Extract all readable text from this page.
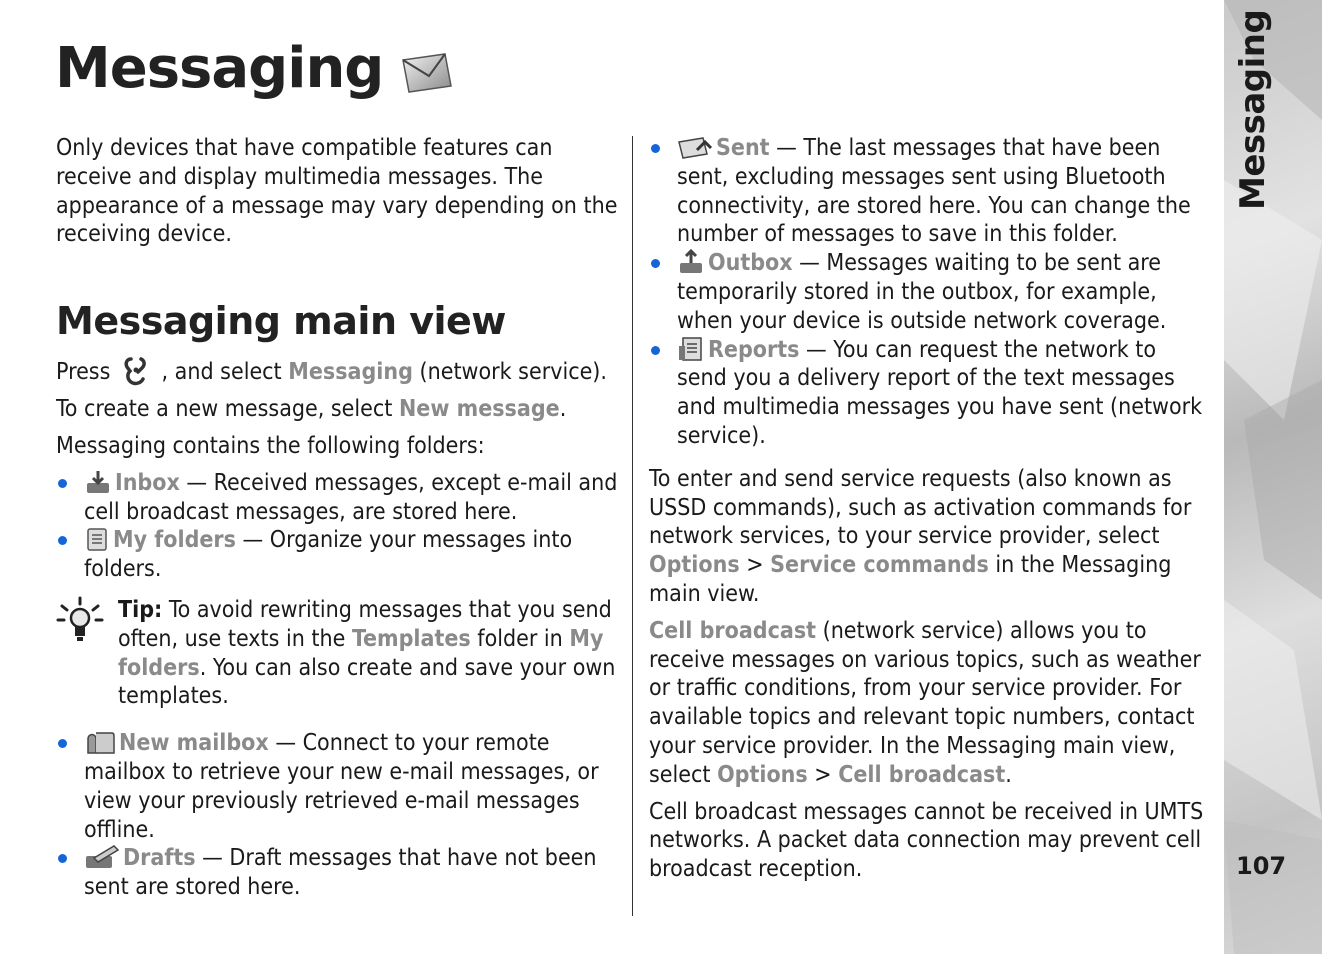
Messaging

Only devices that have compatible features can receive and display multimedia messages. The appearance of a message may vary depending on the receiving device.

Messaging main view

Press , and select Messaging (network service).

To create a new message, select New message.

Messaging contains the following folders:

Inbox — Received messages, except e-mail and cell broadcast messages, are stored here.
My folders — Organize your messages into folders.
Tip: To avoid rewriting messages that you send often, use texts in the Templates folder in My folders. You can also create and save your own templates.
New mailbox — Connect to your remote mailbox to retrieve your new e-mail messages, or view your previously retrieved e-mail messages offline.
Drafts — Draft messages that have not been sent are stored here.
Sent — The last messages that have been sent, excluding messages sent using Bluetooth connectivity, are stored here. You can change the number of messages to save in this folder.
Outbox — Messages waiting to be sent are temporarily stored in the outbox, for example, when your device is outside network coverage.
Reports — You can request the network to send you a delivery report of the text messages and multimedia messages you have sent (network service).

To enter and send service requests (also known as USSD commands), such as activation commands for network services, to your service provider, select Options > Service commands in the Messaging main view.

Cell broadcast (network service) allows you to receive messages on various topics, such as weather or traffic conditions, from your service provider. For available topics and relevant topic numbers, contact your service provider. In the Messaging main view, select Options > Cell broadcast.

Cell broadcast messages cannot be received in UMTS networks. A packet data connection may prevent cell broadcast reception.

Messaging
107
